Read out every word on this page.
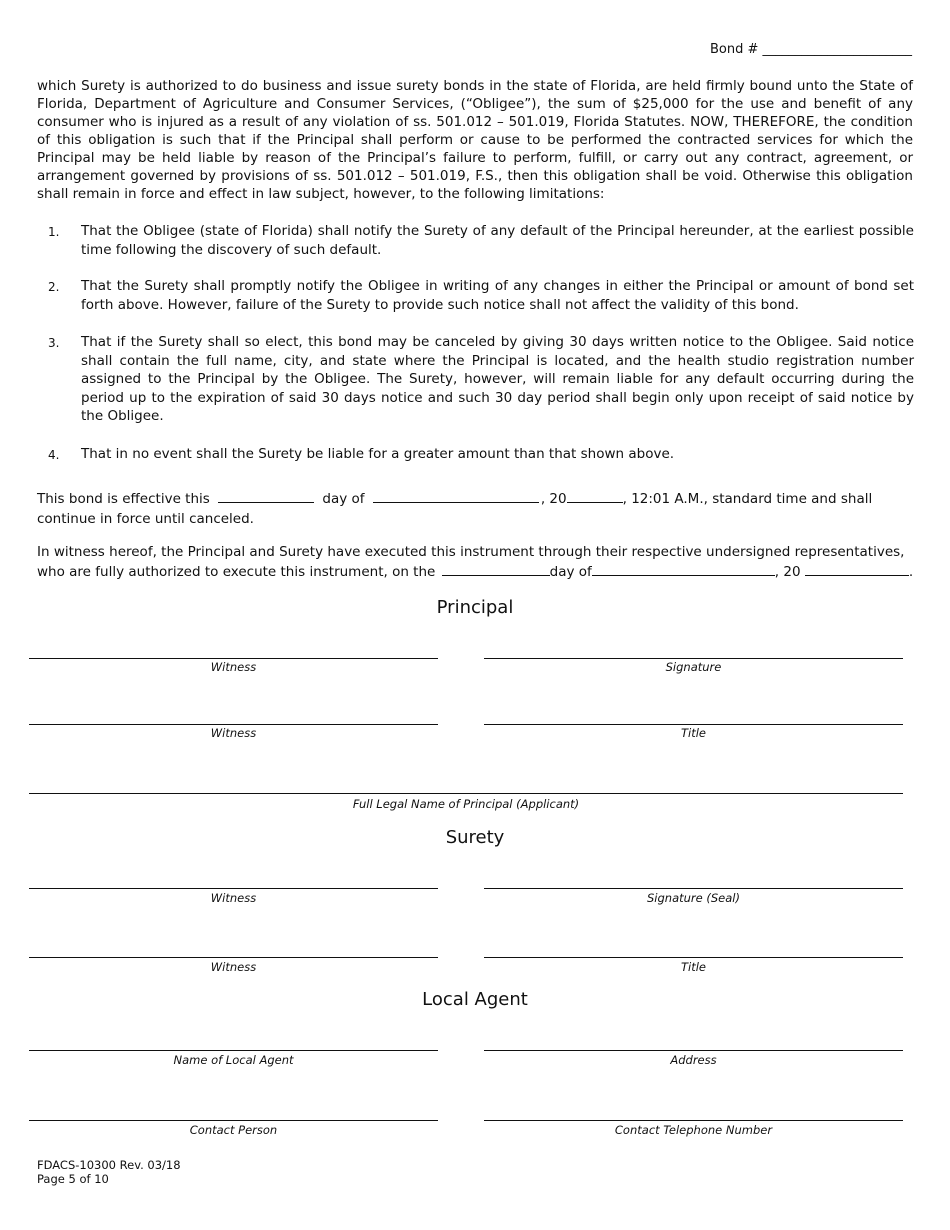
Bond # _______________________
which Surety is authorized to do business and issue surety bonds in the state of Florida, are held firmly bound unto the State of Florida, Department of Agriculture and Consumer Services, (“Obligee”), the sum of $25,000 for the use and benefit of any consumer who is injured as a result of any violation of ss. 501.012 – 501.019, Florida Statutes. NOW, THEREFORE, the condition of this obligation is such that if the Principal shall perform or cause to be performed the contracted services for which the Principal may be held liable by reason of the Principal’s failure to perform, fulfill, or carry out any contract, agreement, or arrangement governed by provisions of ss. 501.012 – 501.019, F.S., then this obligation shall be void. Otherwise this obligation shall remain in force and effect in law subject, however, to the following limitations:
1. That the Obligee (state of Florida) shall notify the Surety of any default of the Principal hereunder, at the earliest possible time following the discovery of such default.
2. That the Surety shall promptly notify the Obligee in writing of any changes in either the Principal or amount of bond set forth above. However, failure of the Surety to provide such notice shall not affect the validity of this bond.
3. That if the Surety shall so elect, this bond may be canceled by giving 30 days written notice to the Obligee. Said notice shall contain the full name, city, and state where the Principal is located, and the health studio registration number assigned to the Principal by the Obligee. The Surety, however, will remain liable for any default occurring during the period up to the expiration of said 30 days notice and such 30 day period shall begin only upon receipt of said notice by the Obligee.
4. That in no event shall the Surety be liable for a greater amount than that shown above.
This bond is effective this	day of	, 20	, 12:01 A.M., standard time and shall
continue in force until canceled.
In witness hereof, the Principal and Surety have executed this instrument through their respective undersigned representatives,
who are fully authorized to execute this instrument, on the	day of	, 20	.
Principal
Witness	Signature
Witness	Title
Full Legal Name of Principal (Applicant)
Surety
Witness	Signature (Seal)
Witness	Title
Local Agent
Name of Local Agent	Address
Contact Person	Contact Telephone Number
FDACS-10300 Rev. 03/18
Page 5 of 10
